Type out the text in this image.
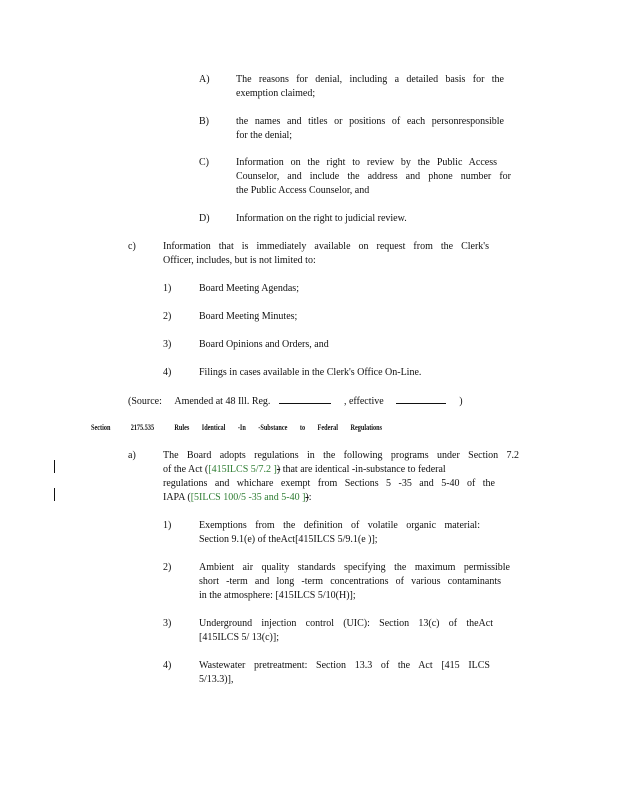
A)	The reasons for denial, including a detailed basis for the
exemption claimed;
B)	the names and titles or positions of each personresponsible
for the denial;
C)	Information on the right to review by the Public Access
Counselor, and include the address and phone number for
the Public Access Counselor, and
D)	Information on the right to judicial review.
c)	Information that is immediately available on request from the Clerk's
Officer, includes, but is not limited to:
1)	Board Meeting Agendas;
2)	Board Meeting Minutes;
3)	Board Opinions and Orders, and
4)	Filings in cases available in the Clerk's Office On-Line.
(Source: Amended at 48 Ill. Reg.	, effective	)
Section	2175.535	Rules Identical -In -Substance to Federal Regulations
a)	The Board adopts regulations in the following programs under Section 7.2
of the Act ([415ILCS 5/7.2 ]) that are identical -in-substance to federal
regulations and whichare exempt from Sections 5 -35 and 5-40 of the
IAPA ([5ILCS 100/5 -35 and 5-40 ]):
1)	Exemptions from the definition of volatile organic material:
Section 9.1(e) of theAct[415ILCS 5/9.1(e )];
2)	Ambient air quality standards specifying the maximum permissible
short -term and long -term concentrations of various contaminants
in the atmosphere: [415ILCS 5/10(H)];
3)	Underground injection control (UIC): Section 13(c) of theAct
[415ILCS 5/ 13(c)];
4)	Wastewater pretreatment: Section 13.3 of the Act [415 ILCS
5/13.3)],
